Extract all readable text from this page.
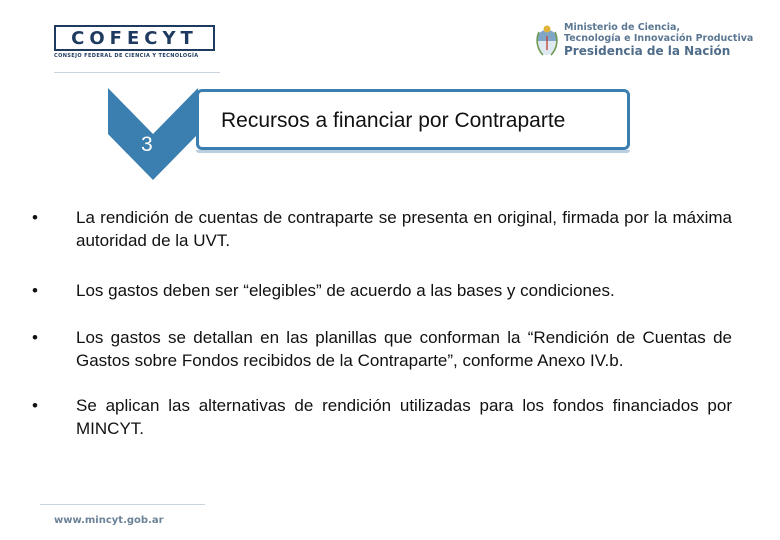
COFECYT
CONSEJO FEDERAL DE CIENCIA Y TECNOLOGÍA
Ministerio de Ciencia,
Tecnología e Innovación Productiva
Presidencia de la Nación
3
Recursos a financiar por Contraparte
• La rendición de cuentas de contraparte se presenta en original, firmada por la máxima autoridad de la UVT.
• Los gastos deben ser “elegibles” de acuerdo a las bases y condiciones.
• Los gastos se detallan en las planillas que conforman la “Rendición de Cuentas de Gastos sobre Fondos recibidos de la Contraparte”, conforme Anexo IV.b.
• Se aplican las alternativas de rendición utilizadas para los fondos financiados por MINCYT.
www.mincyt.gob.ar
